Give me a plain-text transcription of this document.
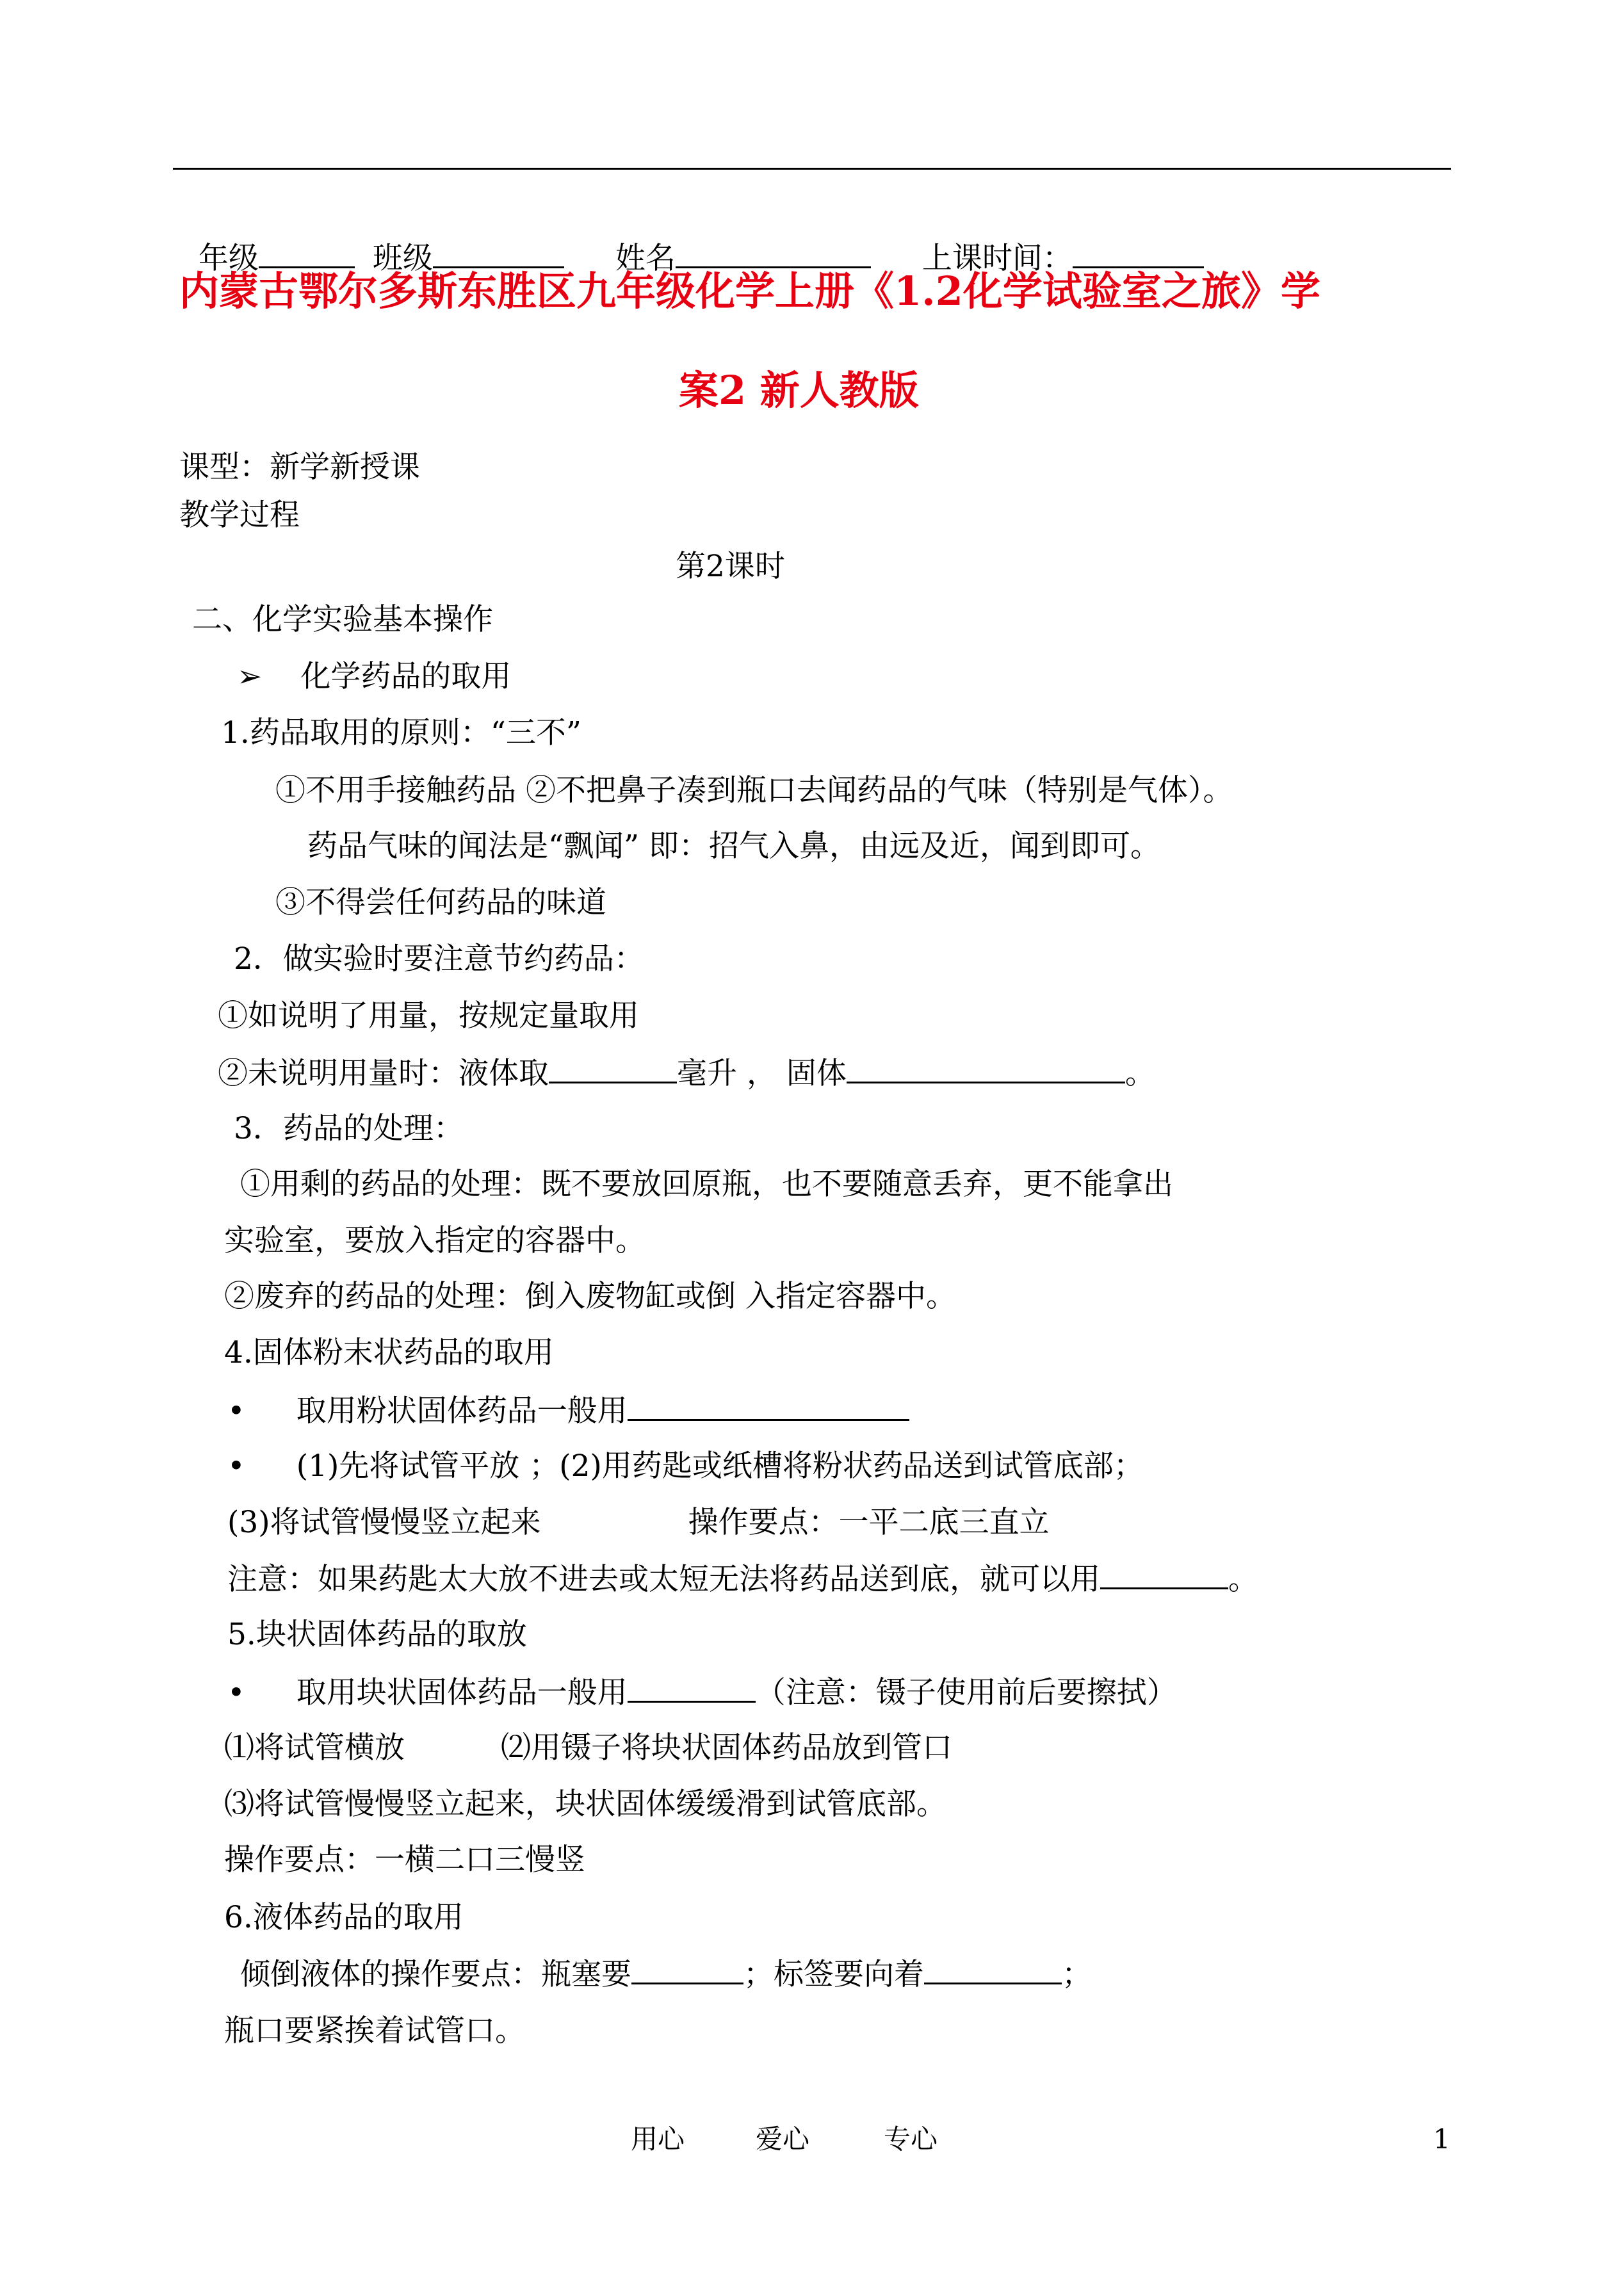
年级	班级	姓名	上课时间：

内蒙古鄂尔多斯东胜区九年级化学上册《1.2化学试验室之旅》学
案2 新人教版
课型：新学新授课
教学过程
第2课时
二、化学实验基本操作
➢ 化学药品的取用
1.药品取用的原则：“三不”
①不用手接触药品 ②不把鼻子凑到瓶口去闻药品的气味（特别是气体）。
药品气味的闻法是“飘闻” 即：招气入鼻，由远及近，闻到即可。
③不得尝任何药品的味道
2．做实验时要注意节约药品：
①如说明了用量，按规定量取用
②未说明用量时：液体取	毫升 ， 固体	。
3．药品的处理：
①用剩的药品的处理：既不要放回原瓶，也不要随意丢弃，更不能拿出
实验室，要放入指定的容器中。
②废弃的药品的处理：倒入废物缸或倒 入指定容器中。
4.固体粉末状药品的取用
• 取用粉状固体药品一般用
• (1)先将试管平放 ；(2)用药匙或纸槽将粉状药品送到试管底部；
(3)将试管慢慢竖立起来	操作要点：一平二底三直立
注意：如果药匙太大放不进去或太短无法将药品送到底，就可以用	。
5.块状固体药品的取放
• 取用块状固体药品一般用	（注意：镊子使用前后要擦拭）
⑴将试管横放	⑵用镊子将块状固体药品放到管口
⑶将试管慢慢竖立起来，块状固体缓缓滑到试管底部。
操作要点：一横二口三慢竖
6.液体药品的取用
倾倒液体的操作要点：瓶塞要	；标签要向着	；
瓶口要紧挨着试管口。
用心	爱心	专心	1
